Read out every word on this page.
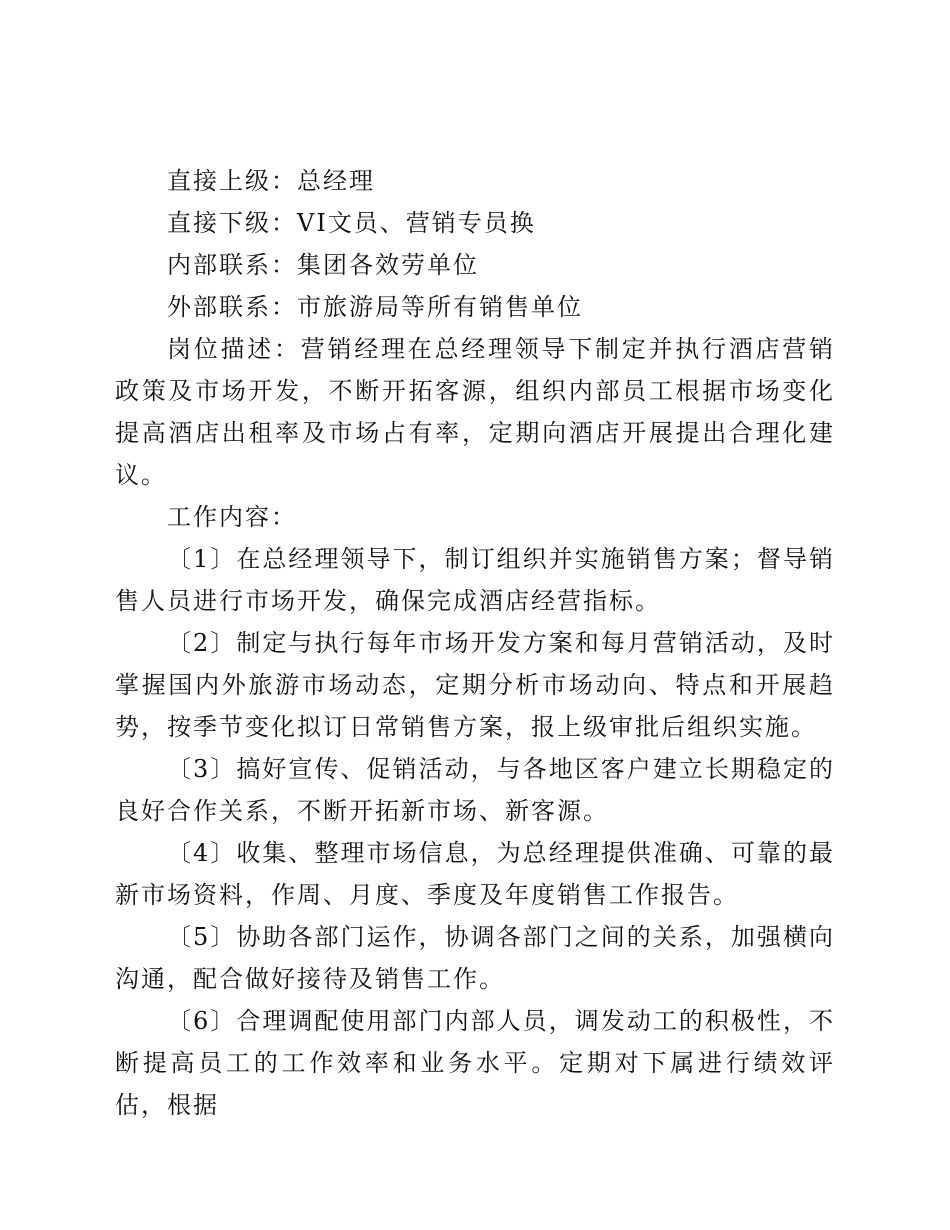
直接上级：总经理

直接下级：VI文员、营销专员换

内部联系：集团各效劳单位

外部联系：市旅游局等所有销售单位

岗位描述：营销经理在总经理领导下制定并执行酒店营销政策及市场开发，不断开拓客源，组织内部员工根据市场变化提高酒店出租率及市场占有率，定期向酒店开展提出合理化建议。

工作内容：

〔1〕在总经理领导下，制订组织并实施销售方案；督导销售人员进行市场开发，确保完成酒店经营指标。

〔2〕制定与执行每年市场开发方案和每月营销活动，及时掌握国内外旅游市场动态，定期分析市场动向、特点和开展趋势，按季节变化拟订日常销售方案，报上级审批后组织实施。

〔3〕搞好宣传、促销活动，与各地区客户建立长期稳定的良好合作关系，不断开拓新市场、新客源。

〔4〕收集、整理市场信息，为总经理提供准确、可靠的最新市场资料，作周、月度、季度及年度销售工作报告。

〔5〕协助各部门运作，协调各部门之间的关系，加强横向沟通，配合做好接待及销售工作。

〔6〕合理调配使用部门内部人员，调发动工的积极性，不断提高员工的工作效率和业务水平。定期对下属进行绩效评估，根据
